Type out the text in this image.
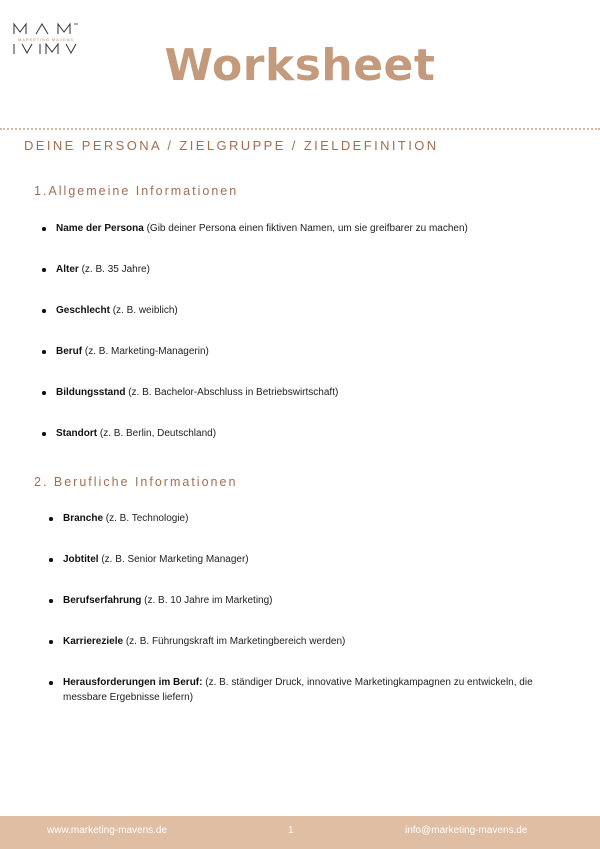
MARKETING MAVENS
Worksheet
DEINE PERSONA / ZIELGRUPPE / ZIELDEFINITION
1.Allgemeine Informationen
Name der Persona (Gib deiner Persona einen fiktiven Namen, um sie greifbarer zu machen)
Alter (z. B. 35 Jahre)
Geschlecht (z. B. weiblich)
Beruf (z. B. Marketing-Managerin)
Bildungsstand (z. B. Bachelor-Abschluss in Betriebswirtschaft)
Standort (z. B. Berlin, Deutschland)
2. Berufliche Informationen
Branche (z. B. Technologie)
Jobtitel (z. B. Senior Marketing Manager)
Berufserfahrung (z. B. 10 Jahre im Marketing)
Karriereziele (z. B. Führungskraft im Marketingbereich werden)
Herausforderungen im Beruf: (z. B. ständiger Druck, innovative Marketingkampagnen zu entwickeln, die messbare Ergebnisse liefern)
www.marketing-mavens.de	1	info@marketing-mavens.de
